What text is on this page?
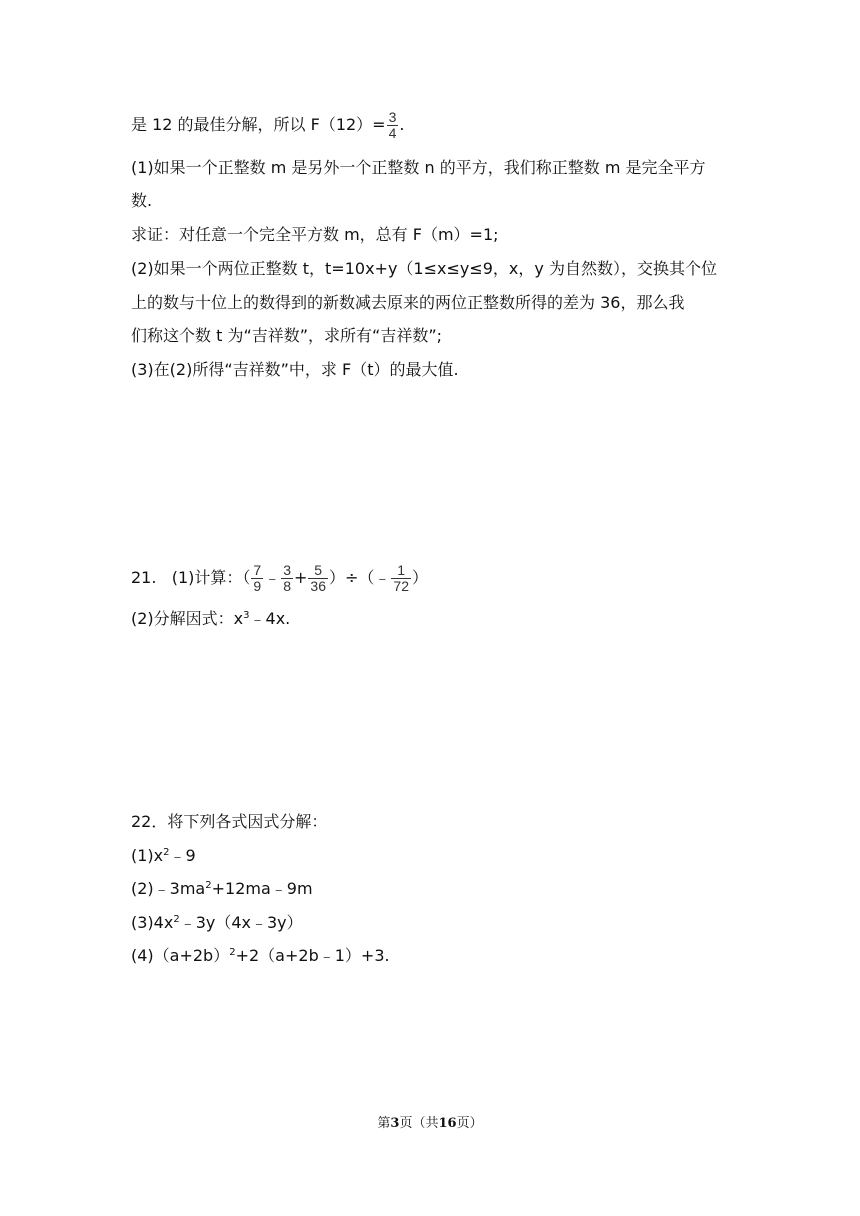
是 12 的最佳分解，所以 $F(12)= \frac{3}{4}$ .
(1)如果一个正整数 m 是另外一个正整数 n 的平方，我们称正整数 m 是完全平方
数.
求证：对任意一个完全平方数 m，总有 F（m）=1;
(2)如果一个两位正整数 t，t=10x+y（1≤x≤y≤9，x，y 为自然数），交换其个位
上的数与十位上的数得到的新数减去原来的两位正整数所得的差为 36，那么我
们称这个数 t 为“吉祥数”，求所有“吉祥数”;
(3)在(2)所得“吉祥数”中，求 F（t）的最大值.
21. (1)计算：（ $\frac{7}{9}$ ﹣ $\frac{3}{8} + \frac{5}{36}$ ）÷（﹣ $\frac{1}{72}$ ）
(2)分解因式：$x^3﹣4x$.
22．将下列各式因式分解：
$(1)x^2﹣9$
$(2)﹣3ma^2+12ma﹣9m$
$(3)4x^2﹣3y(4x﹣3y)$
$(4)(a+2b)^2+2(a+2b﹣1)+3$.
第3页（共16页）
